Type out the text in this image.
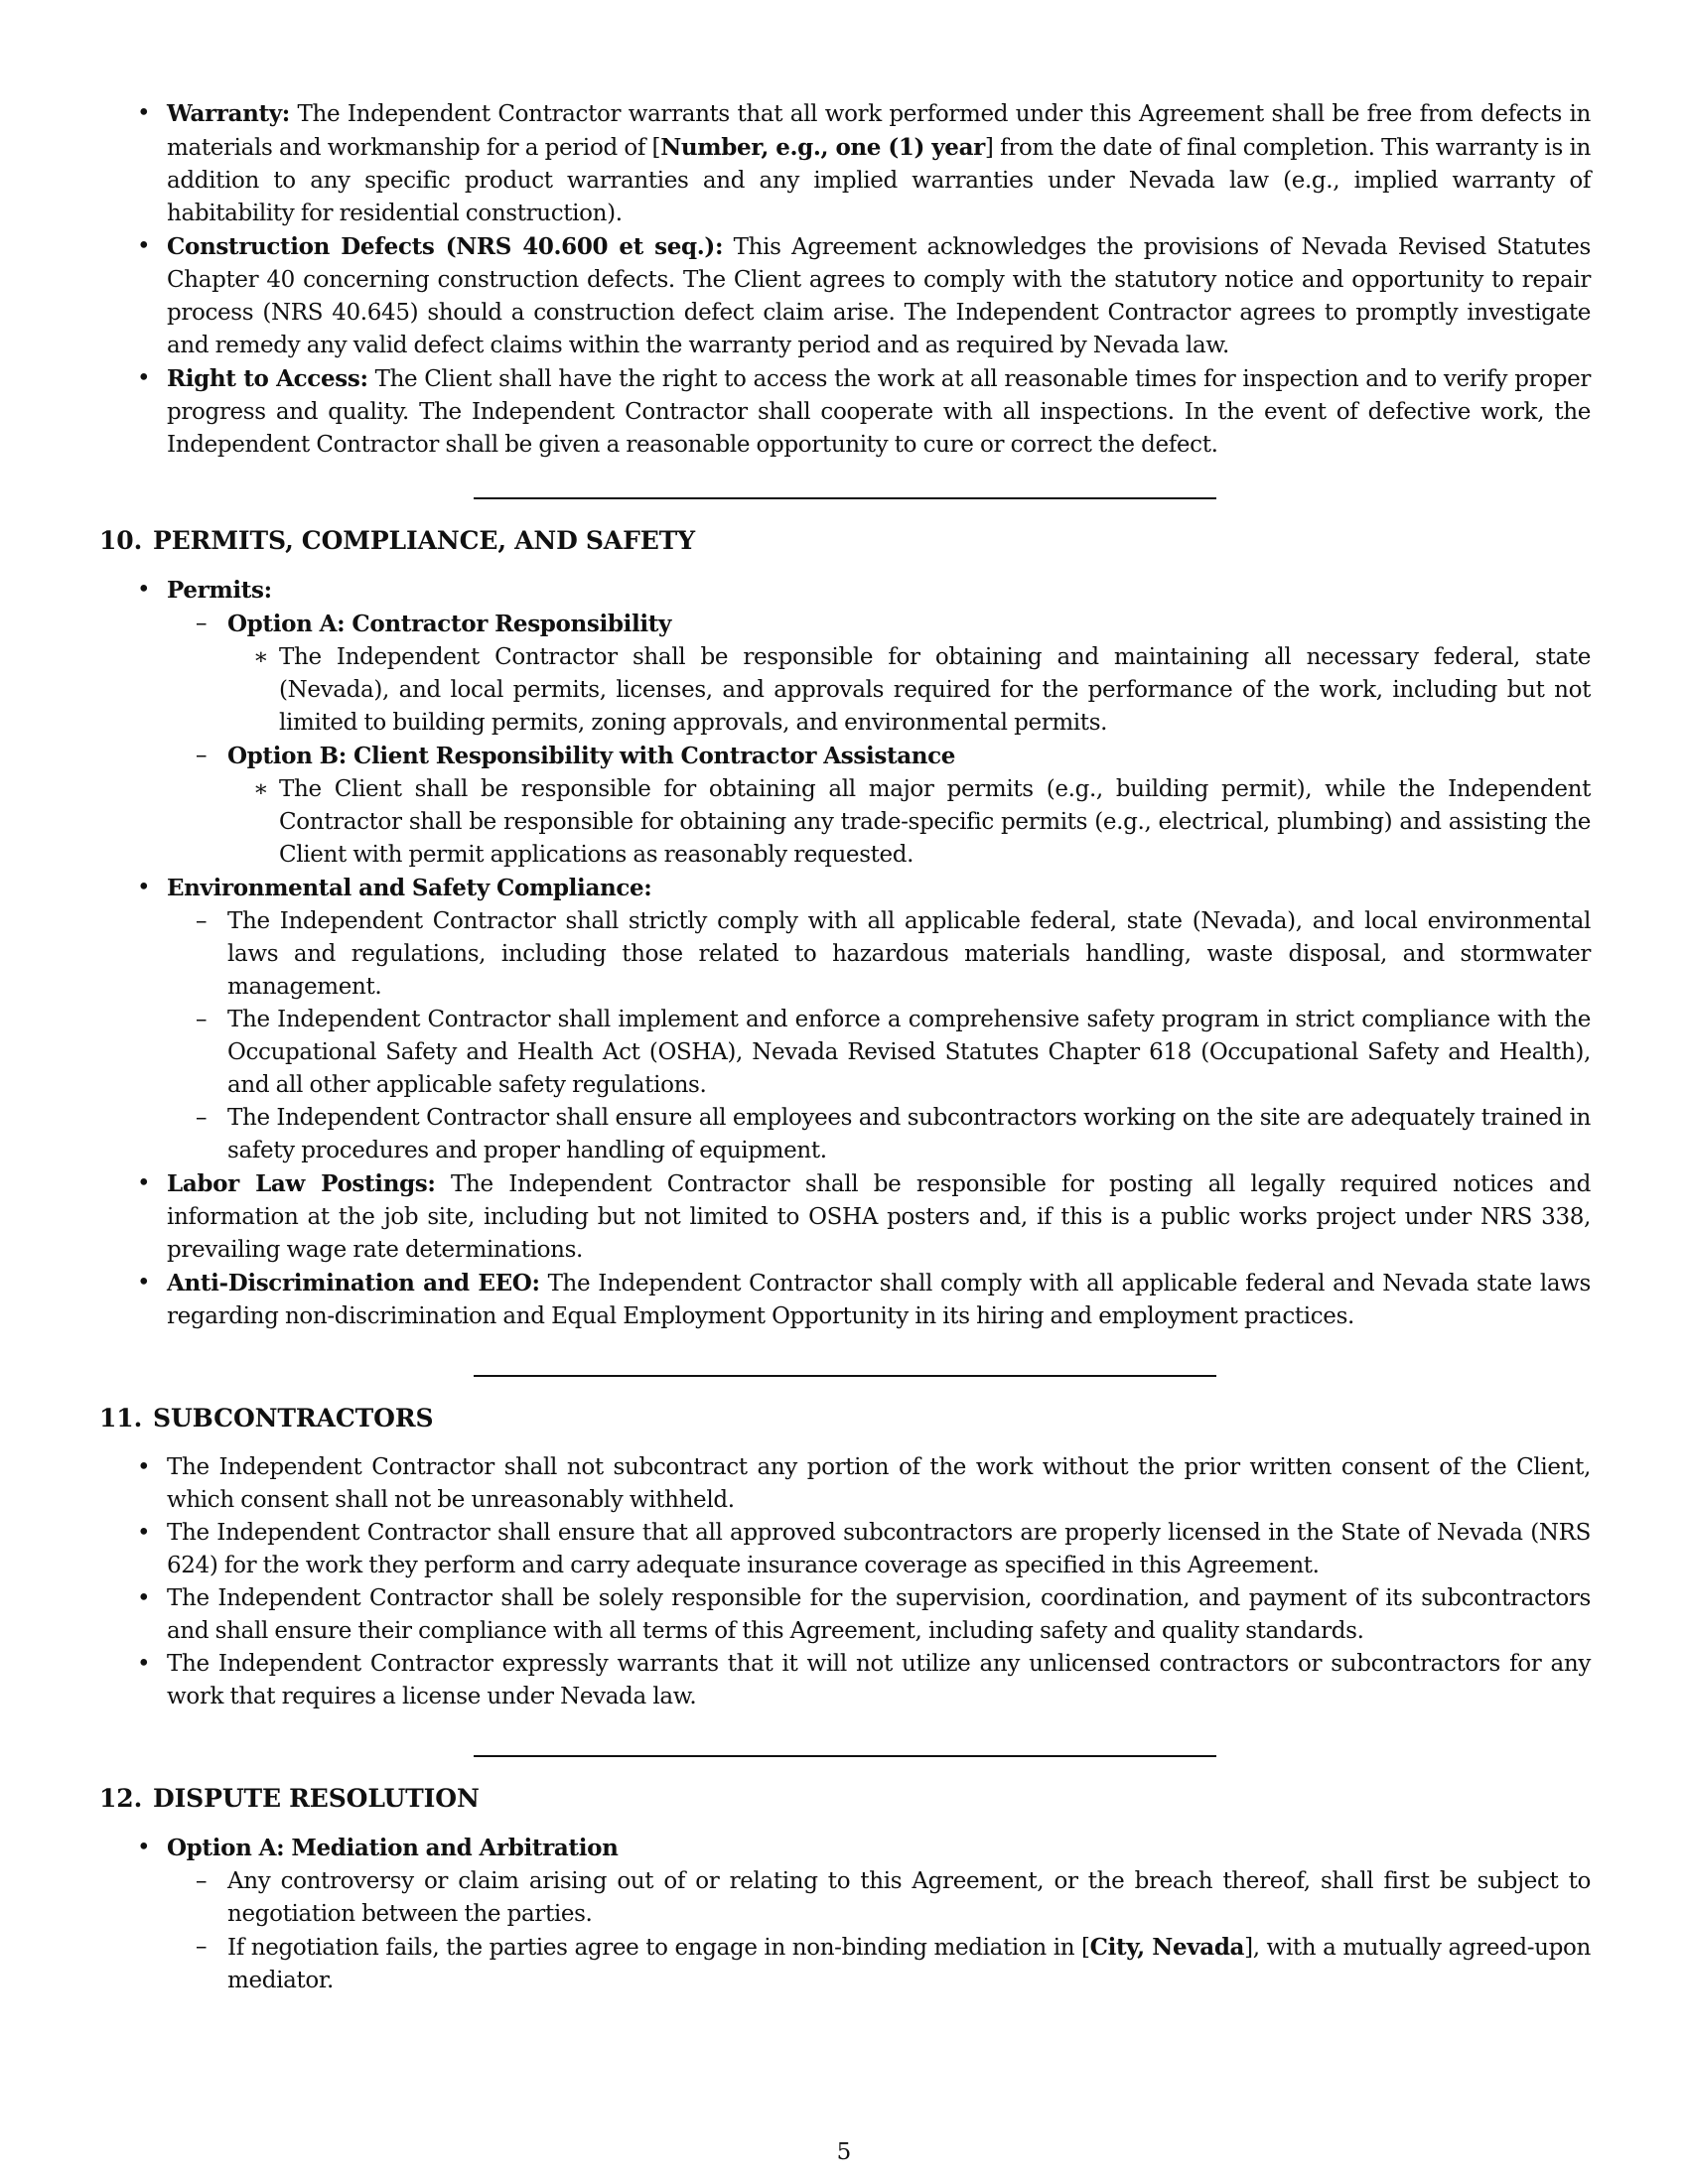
• Warranty: The Independent Contractor warrants that all work performed under this Agreement shall be free from defects in materials and workmanship for a period of [Number, e.g., one (1) year] from the date of final completion. This warranty is in addition to any specific product warranties and any implied warranties under Nevada law (e.g., implied warranty of habitability for residential construction).
• Construction Defects (NRS 40.600 et seq.): This Agreement acknowledges the provisions of Nevada Revised Statutes Chapter 40 concerning construction defects. The Client agrees to comply with the statutory notice and opportunity to repair process (NRS 40.645) should a construction defect claim arise. The Independent Contractor agrees to promptly investigate and remedy any valid defect claims within the warranty period and as required by Nevada law.
• Right to Access: The Client shall have the right to access the work at all reasonable times for inspection and to verify proper progress and quality. The Independent Contractor shall cooperate with all inspections. In the event of defective work, the Independent Contractor shall be given a reasonable opportunity to cure or correct the defect.
10. PERMITS, COMPLIANCE, AND SAFETY
• Permits:
– Option A: Contractor Responsibility
∗ The Independent Contractor shall be responsible for obtaining and maintaining all necessary federal, state (Nevada), and local permits, licenses, and approvals required for the performance of the work, including but not limited to building permits, zoning approvals, and environmental permits.
– Option B: Client Responsibility with Contractor Assistance
∗ The Client shall be responsible for obtaining all major permits (e.g., building permit), while the Independent Contractor shall be responsible for obtaining any trade-specific permits (e.g., electrical, plumbing) and assisting the Client with permit applications as reasonably requested.
• Environmental and Safety Compliance:
– The Independent Contractor shall strictly comply with all applicable federal, state (Nevada), and local environmental laws and regulations, including those related to hazardous materials handling, waste disposal, and stormwater management.
– The Independent Contractor shall implement and enforce a comprehensive safety program in strict compliance with the Occupational Safety and Health Act (OSHA), Nevada Revised Statutes Chapter 618 (Occupational Safety and Health), and all other applicable safety regulations.
– The Independent Contractor shall ensure all employees and subcontractors working on the site are adequately trained in safety procedures and proper handling of equipment.
• Labor Law Postings: The Independent Contractor shall be responsible for posting all legally required notices and information at the job site, including but not limited to OSHA posters and, if this is a public works project under NRS 338, prevailing wage rate determinations.
• Anti-Discrimination and EEO: The Independent Contractor shall comply with all applicable federal and Nevada state laws regarding non-discrimination and Equal Employment Opportunity in its hiring and employment practices.
11. SUBCONTRACTORS
• The Independent Contractor shall not subcontract any portion of the work without the prior written consent of the Client, which consent shall not be unreasonably withheld.
• The Independent Contractor shall ensure that all approved subcontractors are properly licensed in the State of Nevada (NRS 624) for the work they perform and carry adequate insurance coverage as specified in this Agreement.
• The Independent Contractor shall be solely responsible for the supervision, coordination, and payment of its subcontractors and shall ensure their compliance with all terms of this Agreement, including safety and quality standards.
• The Independent Contractor expressly warrants that it will not utilize any unlicensed contractors or subcontractors for any work that requires a license under Nevada law.
12. DISPUTE RESOLUTION
• Option A: Mediation and Arbitration
– Any controversy or claim arising out of or relating to this Agreement, or the breach thereof, shall first be subject to negotiation between the parties.
– If negotiation fails, the parties agree to engage in non-binding mediation in [City, Nevada], with a mutually agreed-upon mediator.
5
